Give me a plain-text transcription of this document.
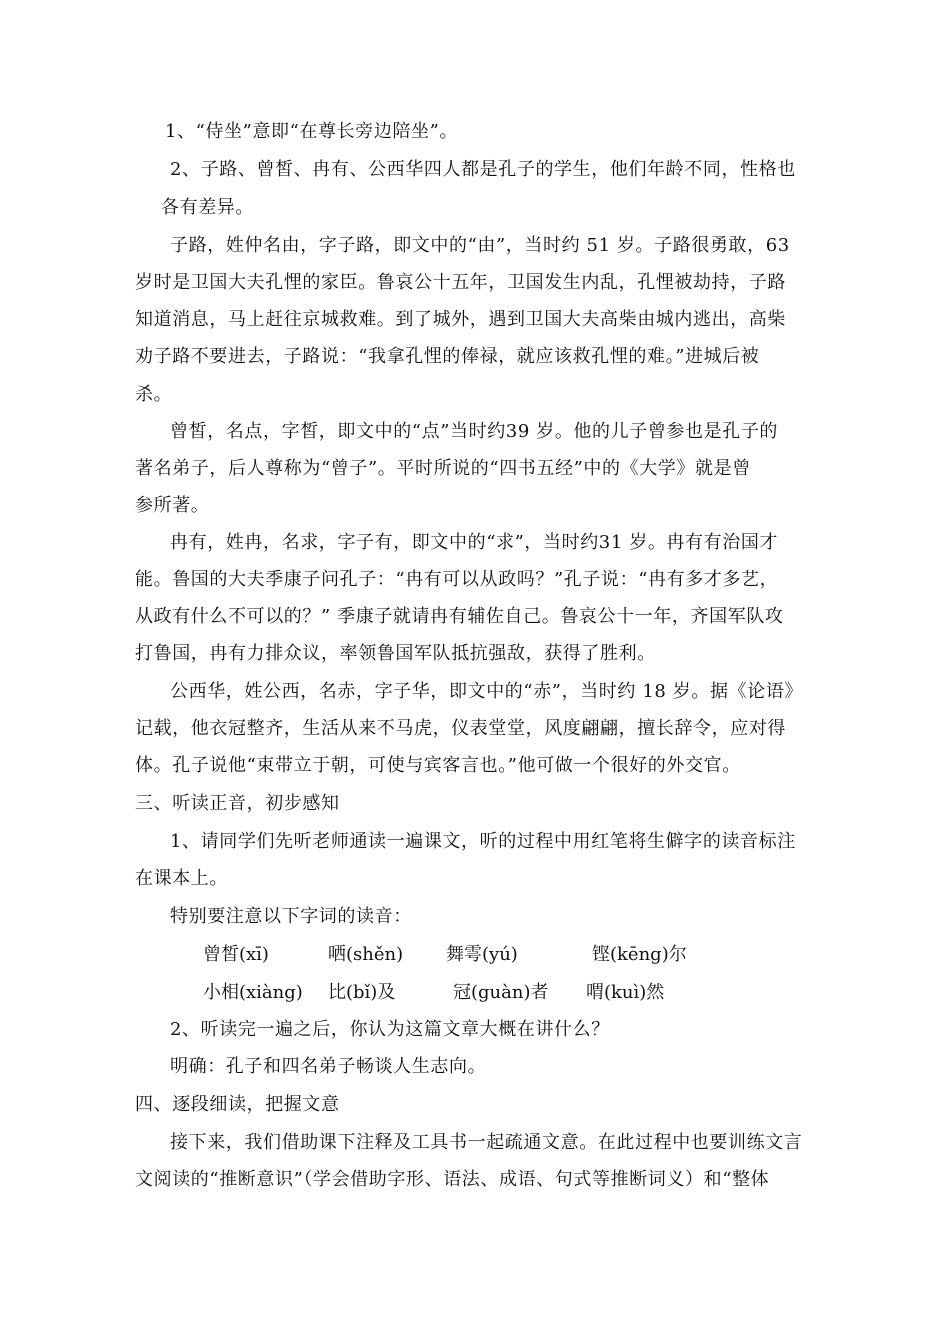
1、“侍坐”意即“在尊长旁边陪坐”。
2、子路、曾皙、冉有、公西华四人都是孔子的学生，他们年龄不同，性格也
各有差异。
子路，姓仲名由，字子路，即文中的“由”，当时约 51 岁。子路很勇敢，63
岁时是卫国大夫孔悝的家臣。鲁哀公十五年，卫国发生内乱，孔悝被劫持，子路
知道消息，马上赶往京城救难。到了城外，遇到卫国大夫高柴由城内逃出，高柴
劝子路不要进去，子路说：“我拿孔悝的俸禄，就应该救孔悝的难。”进城后被
杀。
曾皙，名点，字皙，即文中的“点”当时约39 岁。他的儿子曾参也是孔子的
著名弟子，后人尊称为“曾子”。平时所说的“四书五经”中的《大学》就是曾
参所著。
冉有，姓冉，名求，字子有，即文中的“求”，当时约31 岁。冉有有治国才
能。鲁国的大夫季康子问孔子：“冉有可以从政吗？”孔子说：“冉有多才多艺，
从政有什么不可以的？” 季康子就请冉有辅佐自己。鲁哀公十一年，齐国军队攻
打鲁国，冉有力排众议，率领鲁国军队抵抗强敌，获得了胜利。
公西华，姓公西，名赤，字子华，即文中的“赤”，当时约 18 岁。据《论语》
记载，他衣冠整齐，生活从来不马虎，仪表堂堂，风度翩翩，擅长辞令，应对得
体。孔子说他“束带立于朝，可使与宾客言也。”他可做一个很好的外交官。
三、听读正音，初步感知
1、请同学们先听老师通读一遍课文，听的过程中用红笔将生僻字的读音标注
在课本上。
特别要注意以下字词的读音：
曾皙(xī)	哂(shěn) 舞雩(yú)	铿(kēng)尔
小相(xiàng) 比(bǐ)及	冠(guàn)者 喟(kuì)然
2、听读完一遍之后，你认为这篇文章大概在讲什么？
明确：孔子和四名弟子畅谈人生志向。
四、逐段细读，把握文意
接下来，我们借助课下注释及工具书一起疏通文意。在此过程中也要训练文言
文阅读的“推断意识”（学会借助字形、语法、成语、句式等推断词义）和“整体
